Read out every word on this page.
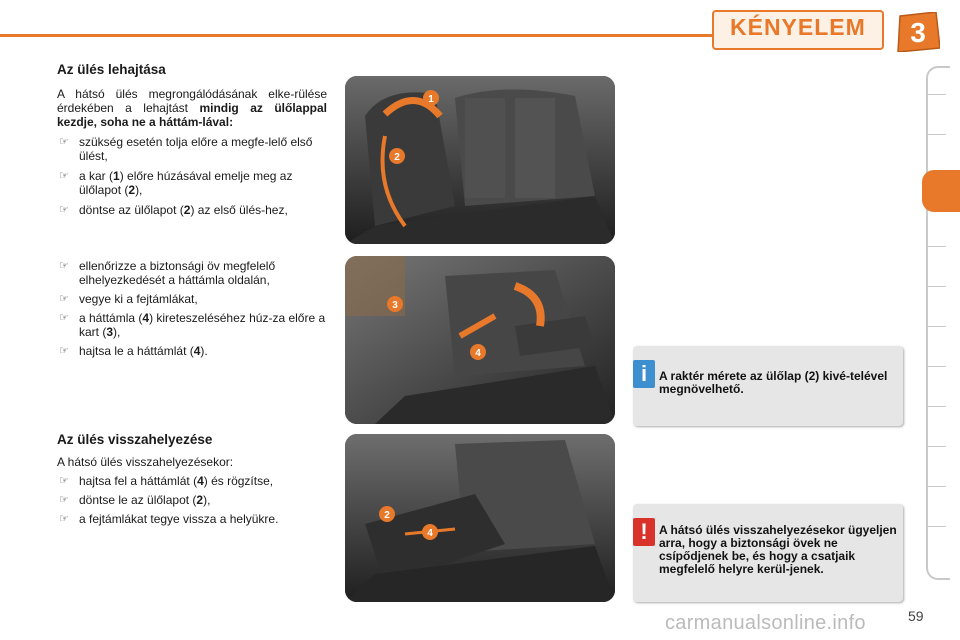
KÉNYELEM 3

Az ülés lehajtása

A hátsó ülés megrongálódásának elke-rülése érdekében a lehajtást mindig az ülőlappal kezdje, soha ne a háttám-lával:

☞ szükség esetén tolja előre a megfe-lelő első ülést,
☞ a kar (1) előre húzásával emelje meg az ülőlapot (2),
☞ döntse az ülőlapot (2) az első ülés-hez,
☞ ellenőrizze a biztonsági öv megfelelő elhelyezkedését a háttámla oldalán,
☞ vegye ki a fejtámlákat,
☞ a háttámla (4) kireteszeléséhez húz-za előre a kart (3),
☞ hajtsa le a háttámlát (4).

Az ülés visszahelyezése

A hátsó ülés visszahelyezésekor:

☞ hajtsa fel a háttámlát (4) és rögzítse,
☞ döntse le az ülőlapot (2),
☞ a fejtámlákat tegye vissza a helyükre.
1
2
3
4
2
4
i A raktér mérete az ülőlap (2) kivé-telével megnövelhető.
! A hátsó ülés visszahelyezésekor ügyeljen arra, hogy a biztonsági övek ne csípődjenek be, és hogy a csatjaik megfelelő helyre kerül-jenek.
carmanualsonline.info	59
